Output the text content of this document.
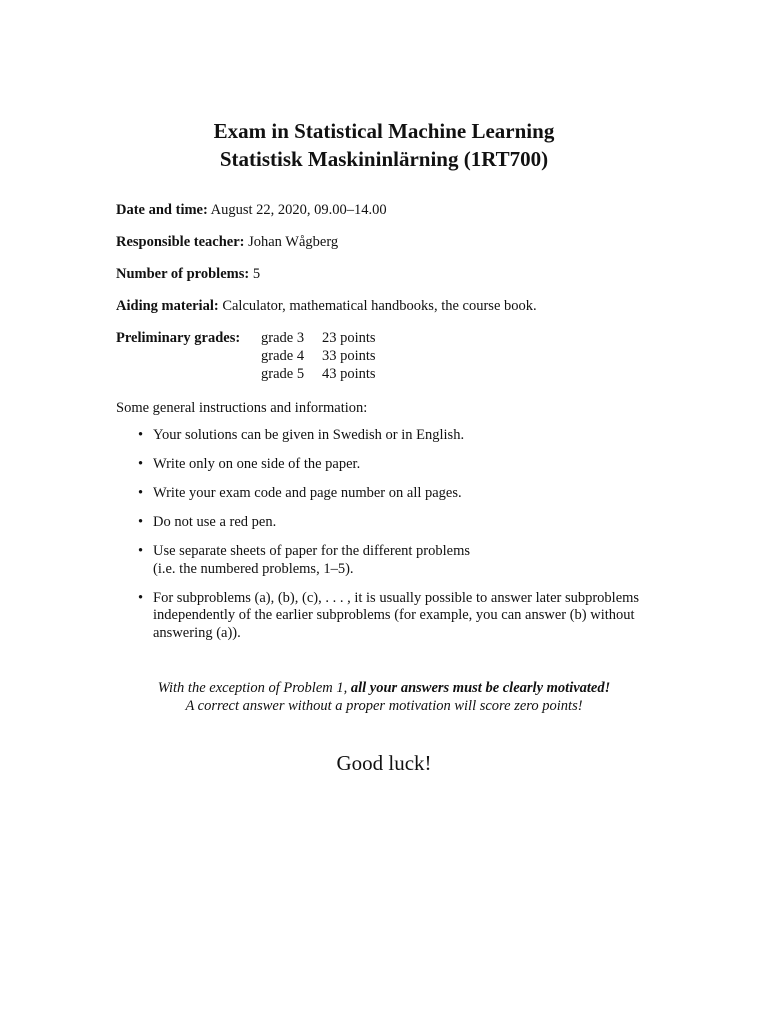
Exam in Statistical Machine Learning
Statistisk Maskininlärning (1RT700)
Date and time: August 22, 2020, 09.00–14.00
Responsible teacher: Johan Wågberg
Number of problems: 5
Aiding material: Calculator, mathematical handbooks, the course book.
Preliminary grades: grade 3 23 points
grade 4 33 points
grade 5 43 points
Some general instructions and information:
• Your solutions can be given in Swedish or in English.
• Write only on one side of the paper.
• Write your exam code and page number on all pages.
• Do not use a red pen.
• Use separate sheets of paper for the different problems
(i.e. the numbered problems, 1–5).
• For subproblems (a), (b), (c), . . . , it is usually possible to answer later subproblems
independently of the earlier subproblems (for example, you can answer (b) without
answering (a)).
With the exception of Problem 1, all your answers must be clearly motivated!
A correct answer without a proper motivation will score zero points!
Good luck!
